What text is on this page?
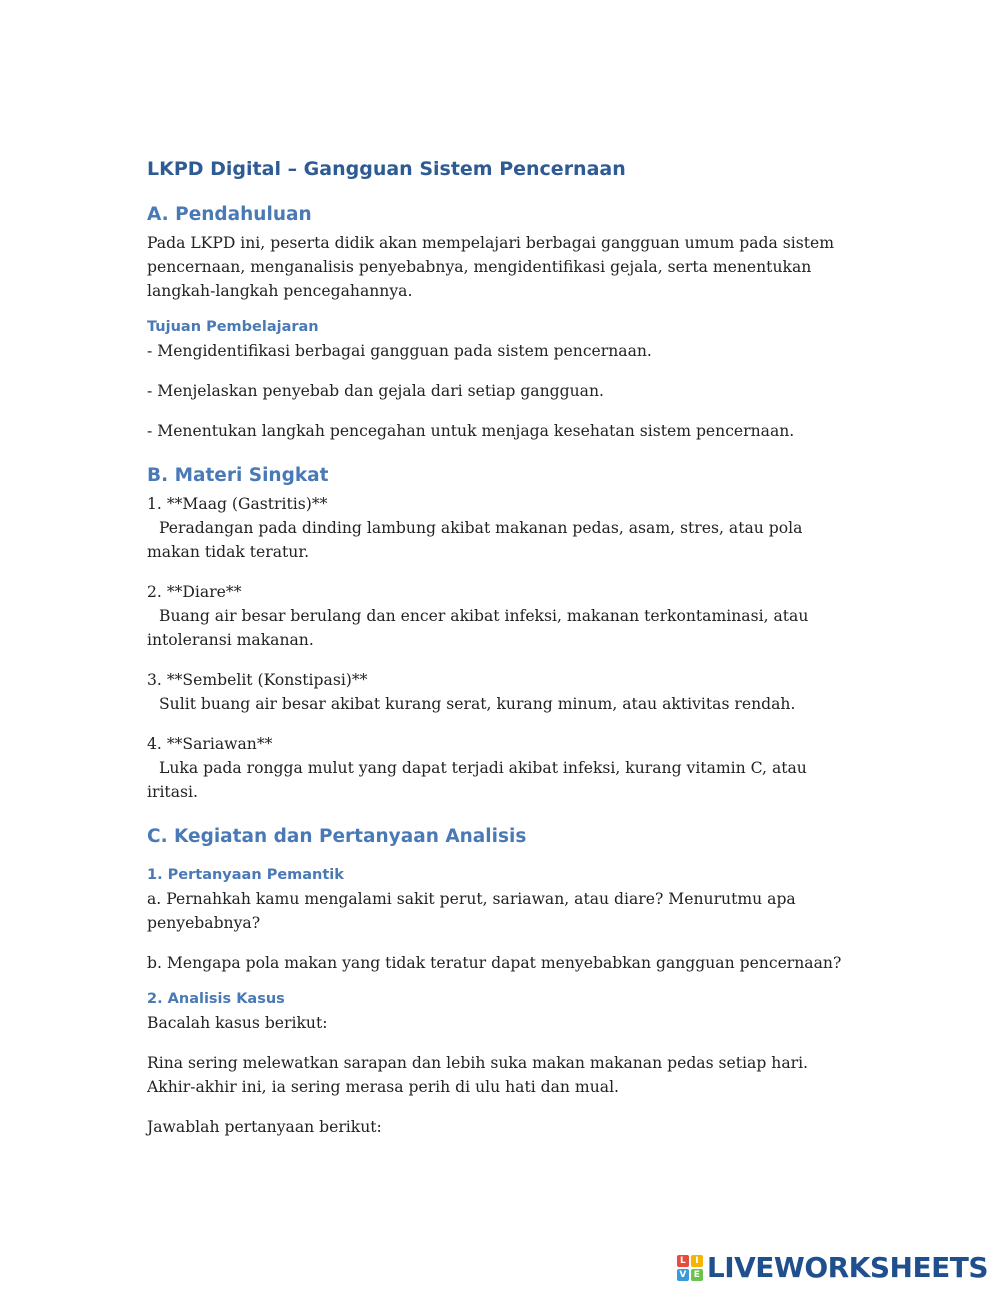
LKPD Digital – Gangguan Sistem Pencernaan
A. Pendahuluan

Pada LKPD ini, peserta didik akan mempelajari berbagai gangguan umum pada sistem pencernaan, menganalisis penyebabnya, mengidentifikasi gejala, serta menentukan langkah-langkah pencegahannya.

Tujuan Pembelajaran

- Mengidentifikasi berbagai gangguan pada sistem pencernaan.

- Menjelaskan penyebab dan gejala dari setiap gangguan.

- Menentukan langkah pencegahan untuk menjaga kesehatan sistem pencernaan.

B. Materi Singkat

1. **Maag (Gastritis)**

Peradangan pada dinding lambung akibat makanan pedas, asam, stres, atau pola makan tidak teratur.

2. **Diare**

Buang air besar berulang dan encer akibat infeksi, makanan terkontaminasi, atau intoleransi makanan.

3. **Sembelit (Konstipasi)**

Sulit buang air besar akibat kurang serat, kurang minum, atau aktivitas rendah.

4. **Sariawan**

Luka pada rongga mulut yang dapat terjadi akibat infeksi, kurang vitamin C, atau iritasi.

C. Kegiatan dan Pertanyaan Analisis
1. Pertanyaan Pemantik

a. Pernahkah kamu mengalami sakit perut, sariawan, atau diare? Menurutmu apa penyebabnya?

b. Mengapa pola makan yang tidak teratur dapat menyebabkan gangguan pencernaan?

2. Analisis Kasus

Bacalah kasus berikut:

Rina sering melewatkan sarapan dan lebih suka makan makanan pedas setiap hari. Akhir-akhir ini, ia sering merasa perih di ulu hati dan mual.

Jawablah pertanyaan berikut:

L	I
V E LIVEWORKSHEETS
